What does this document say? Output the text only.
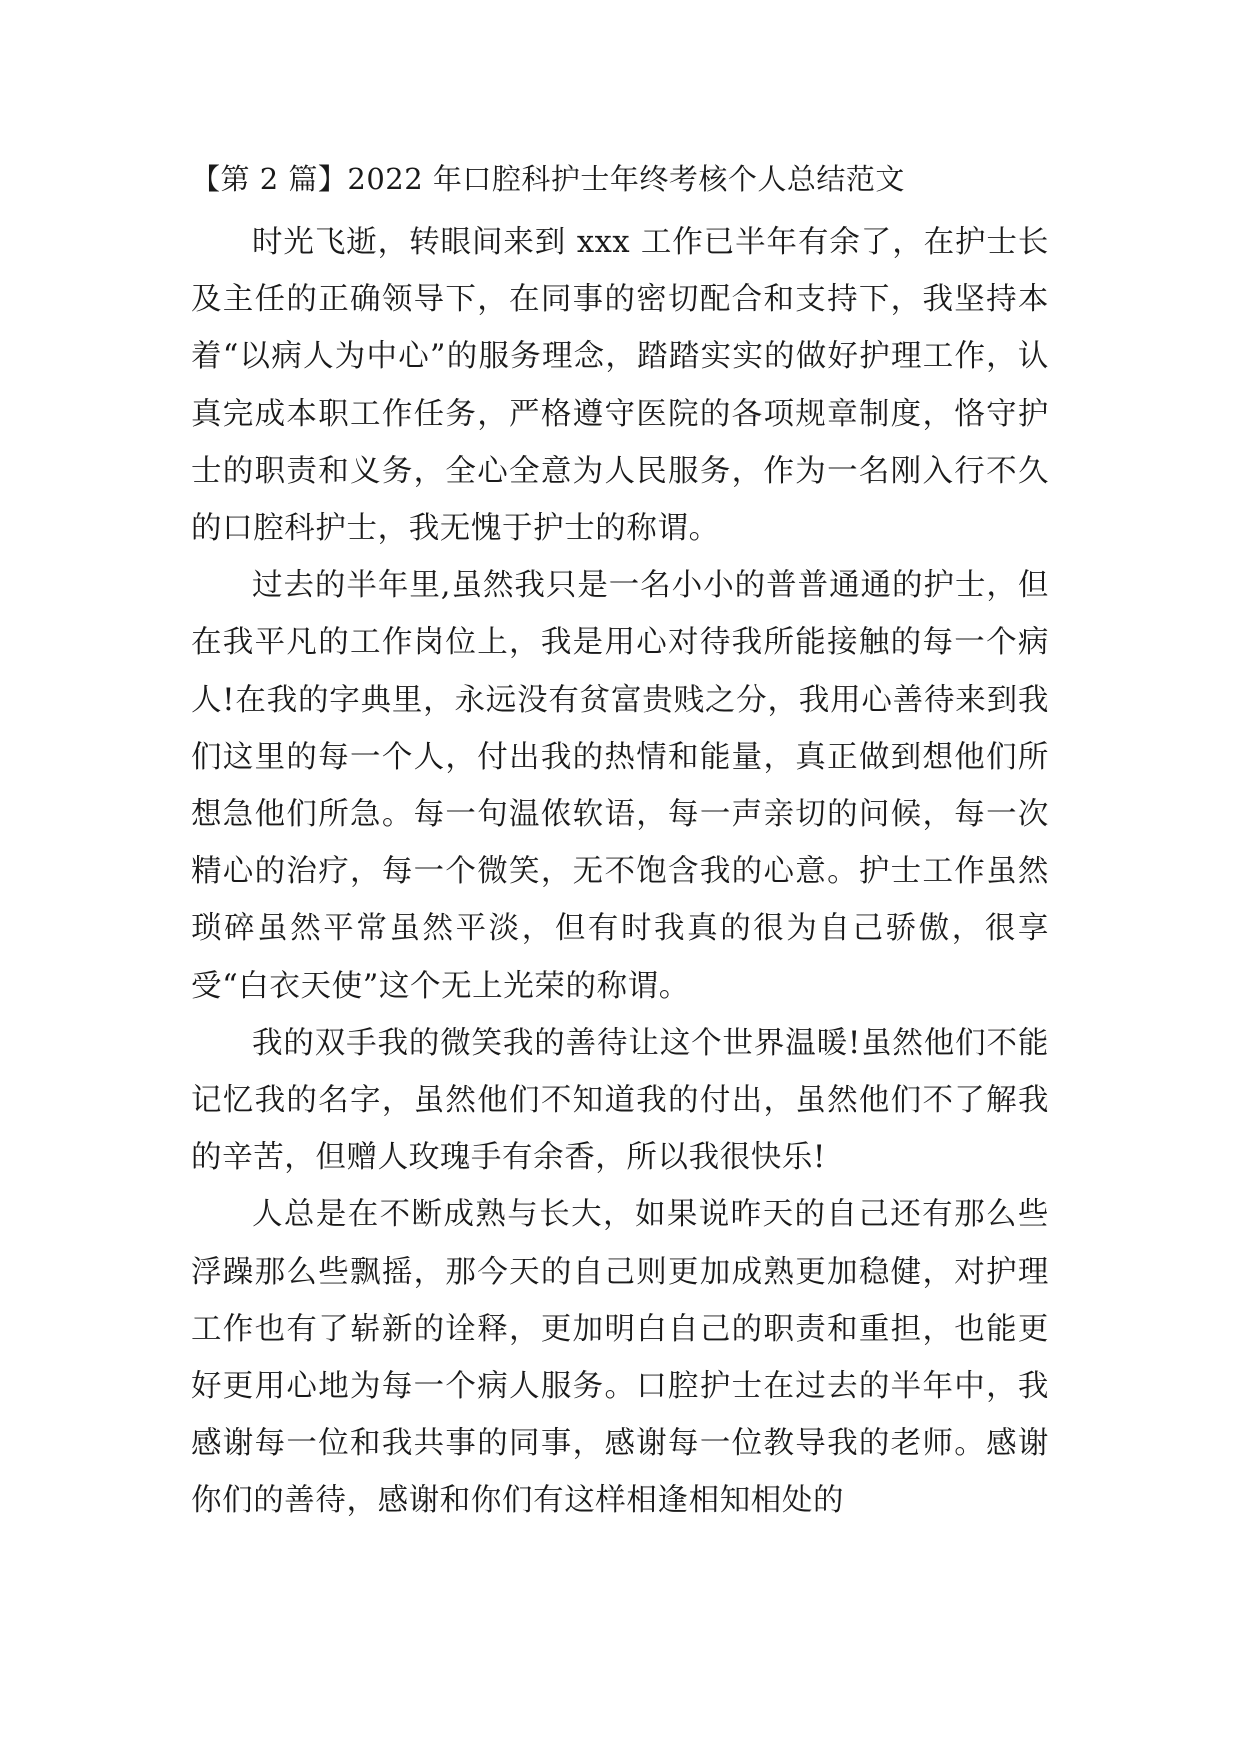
【第 2 篇】2022 年口腔科护士年终考核个人总结范文

时光飞逝，转眼间来到 xxx 工作已半年有余了，在护士长及主任的正确领导下，在同事的密切配合和支持下，我坚持本着“以病人为中心”的服务理念，踏踏实实的做好护理工作，认真完成本职工作任务，严格遵守医院的各项规章制度，恪守护士的职责和义务，全心全意为人民服务，作为一名刚入行不久的口腔科护士，我无愧于护士的称谓。

过去的半年里,虽然我只是一名小小的普普通通的护士，但在我平凡的工作岗位上，我是用心对待我所能接触的每一个病人!在我的字典里，永远没有贫富贵贱之分，我用心善待来到我们这里的每一个人，付出我的热情和能量，真正做到想他们所想急他们所急。每一句温侬软语，每一声亲切的问候，每一次精心的治疗，每一个微笑，无不饱含我的心意。护士工作虽然琐碎虽然平常虽然平淡，但有时我真的很为自己骄傲，很享受“白衣天使”这个无上光荣的称谓。

我的双手我的微笑我的善待让这个世界温暖!虽然他们不能记忆我的名字，虽然他们不知道我的付出，虽然他们不了解我的辛苦，但赠人玫瑰手有余香，所以我很快乐!

人总是在不断成熟与长大，如果说昨天的自己还有那么些浮躁那么些飘摇，那今天的自己则更加成熟更加稳健，对护理工作也有了崭新的诠释，更加明白自己的职责和重担，也能更好更用心地为每一个病人服务。口腔护士在过去的半年中，我感谢每一位和我共事的同事，感谢每一位教导我的老师。感谢你们的善待，感谢和你们有这样相逢相知相处的
